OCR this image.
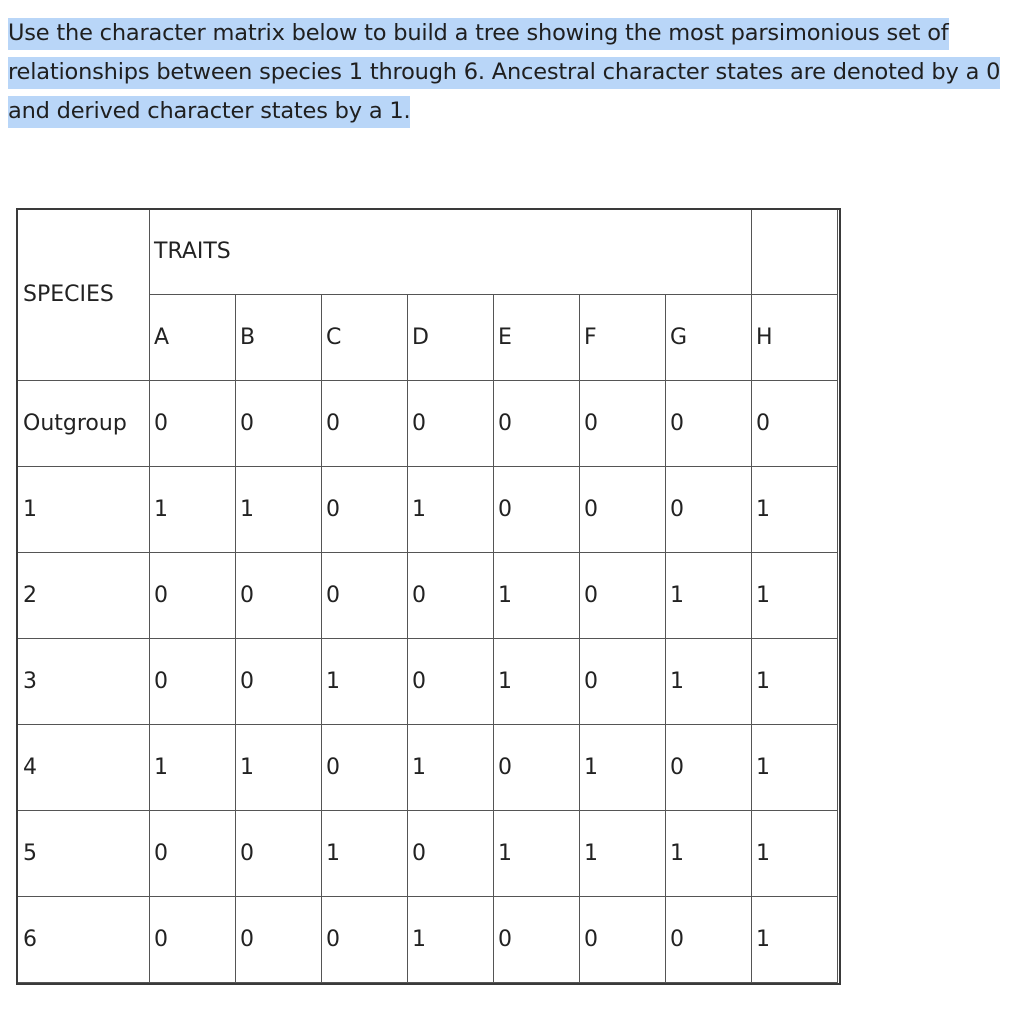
Use the character matrix below to build a tree showing the most parsimonious set of
relationships between species 1 through 6. Ancestral character states are denoted by a 0
and derived character states by a 1.
SPECIES	TRAITS							
	A	B	C	D	E	F	G	H
Outgroup	0	0	0	0	0	0	0	0
1	1	1	0	1	0	0	0	1
2	0	0	0	0	1	0	1	1
3	0	0	1	0	1	0	1	1
4	1	1	0	1	0	1	0	1
5	0	0	1	0	1	1	1	1
6	0	0	0	1	0	0	0	1
